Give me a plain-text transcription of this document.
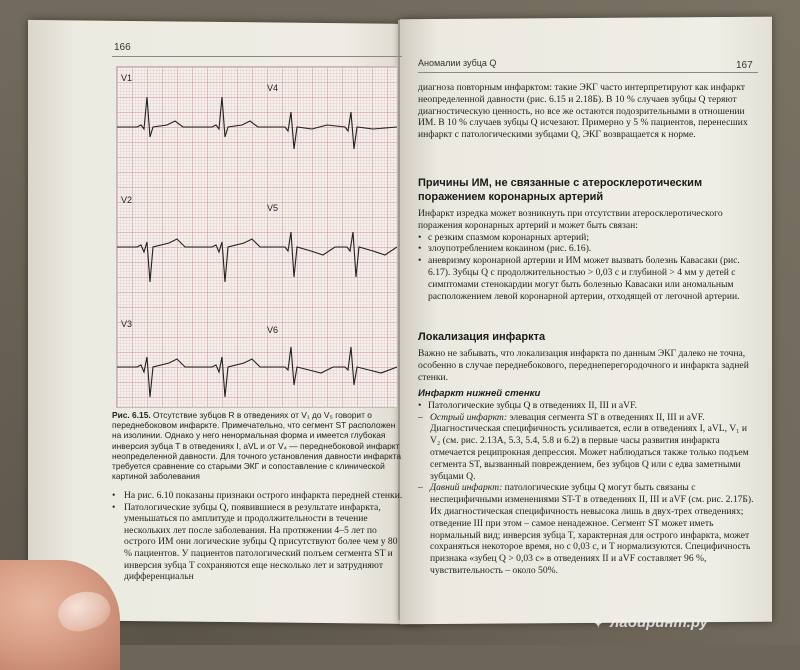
166
V1
V4
V2
V5
V3
V6
Рис. 6.15. Отсутствие зубцов R в отведениях от V₁ до V₅ говорит о переднебоковом инфаркте. Примечательно, что сегмент ST расположен на изолинии. Однако у него ненормальная форма и имеется глубокая инверсия зубца T в отведениях I, aVL и от V₄ — переднебоковой инфаркт неопределенной давности. Для точного установления давности инфаркта требуется сравнение со старыми ЭКГ и сопоставление с клинической картиной заболевания
• На рис. 6.10 показаны признаки острого инфаркта передней стенки.
• Патологические зубцы Q, появившиеся в результате инфаркта, уменьшаться по амплитуде и продолжительности в течение нескольких лет после заболевания. На протяжении 4–5 лет по острого ИМ они логические зубцы Q присутствуют более чем у 80 % пациентов. У пациентов патологический полъем сегмента ST и инверсия зубца T сохраняются еще несколько лет и затрудняют дифференциальн
Аномалии зубца Q	167
диагноза повторным инфарктом: такие ЭКГ часто интерпретируют как инфаркт неопределенной давности (рис. 6.15 и 2.18Б). В 10 % случаев зубцы Q теряют диагностическую ценность, но все же остаются подозрительными в отношении ИМ. В 10 % случаев зубцы Q исчезают. Примерно у 5 % пациентов, перенесших инфаркт с патологическими зубцами Q, ЭКГ возвращается к норме.
Причины ИМ, не связанные с атеросклеротическим поражением коронарных артерий
Инфаркт изредка может возникнуть при отсутствии атеросклеротического поражения коронарных артерий и может быть связан:
• с резким спазмом коронарных артерий;
• злоупотреблением кокаином (рис. 6.16).
• аневризму коронарной артерии и ИМ может вызвать болезнь Кавасаки (рис. 6.17). Зубцы Q с продолжительностью > 0,03 с и глубиной > 4 мм у детей с симптомами стенокардии могут быть болезнью Кавасаки или аномальным расположением левой коронарной артерии, отходящей от легочной артерии.
Локализация инфаркта
Важно не забывать, что локализация инфаркта по данным ЭКГ далеко не точна, особенно в случае переднебокового, переднеперегородочного и инфаркта задней стенки.
Инфаркт нижней стенки
• Патологические зубцы Q в отведениях II, III и aVF.
– Острый инфаркт: элевация сегмента ST в отведениях II, III и aVF. Диагностическая специфичность усиливается, если в отведениях I, aVL, V₁ и V₂ (см. рис. 2.13А, 5.3, 5.4, 5.8 и 6.2) в первые часы развития инфаркта отмечается реципрокная депрессия. Может наблюдаться также только подъем сегмента ST, вызванный повреждением, без зубцов Q или с едва заметными зубцами Q.
– Давний инфаркт: патологические зубцы Q могут быть связаны с неспецифичными изменениями ST-T в отведениях II, III и aVF (см. рис. 2.17Б). Их диагностическая специфичность невысока лишь в двух-трех отведениях; отведение III при этом – самое ненадежное. Сегмент ST может иметь нормальный вид; инверсия зубца T, характерная для острого инфаркта, может сохраняться некоторое время, но с 0,03 с, и T нормализуются. Специфичность признака «зубец Q > 0,03 с» в отведениях II и aVF составляет 96 %, чувствительность – около 50%.
✦ лабиринт.ру
